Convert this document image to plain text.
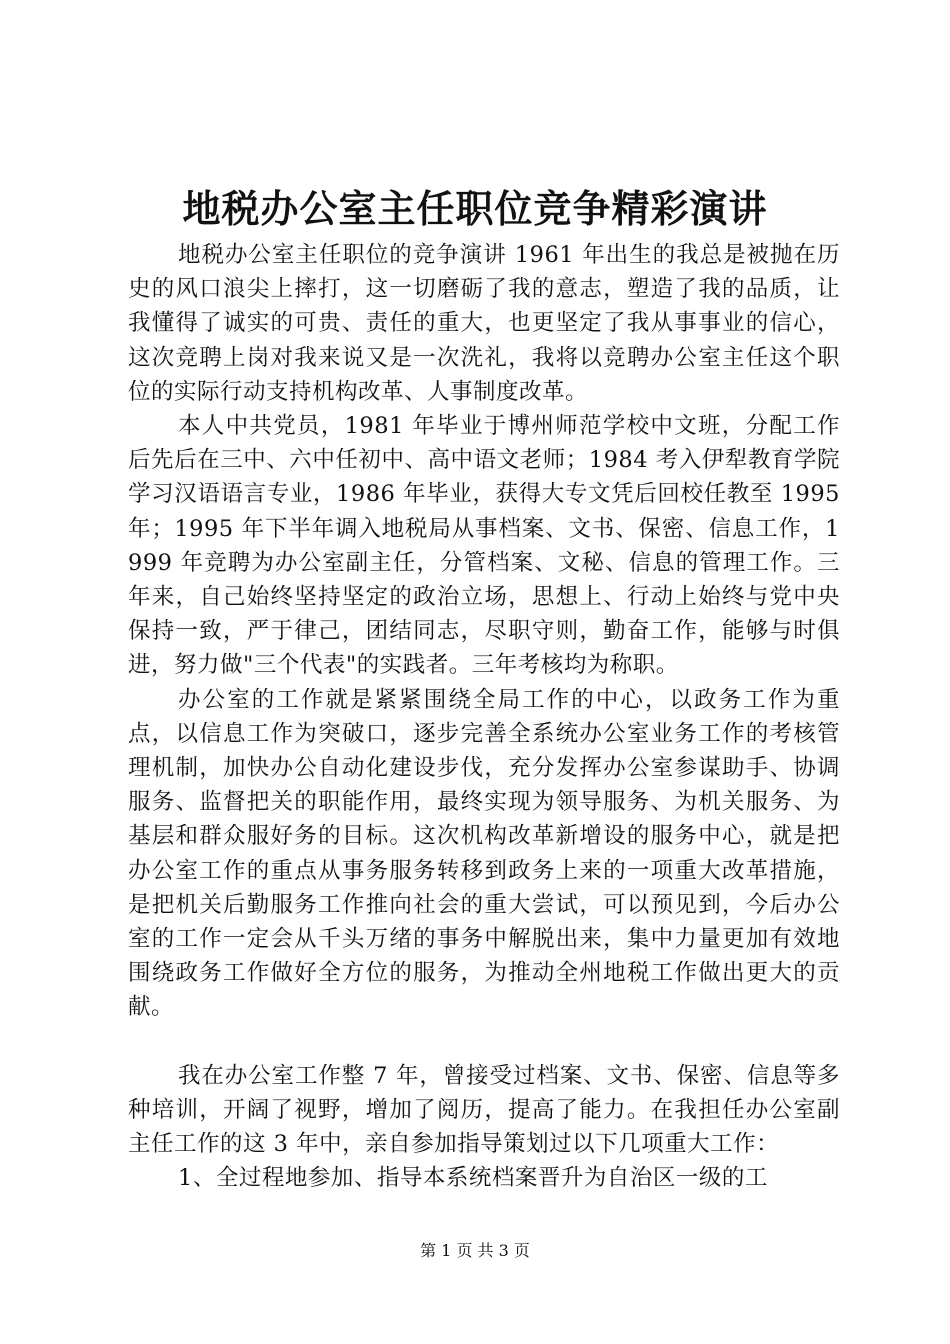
地税办公室主任职位竞争精彩演讲

地税办公室主任职位的竞争演讲 1961 年出生的我总是被抛在历史的风口浪尖上摔打，这一切磨砺了我的意志，塑造了我的品质，让我懂得了诚实的可贵、责任的重大，也更坚定了我从事事业的信心，这次竞聘上岗对我来说又是一次洗礼，我将以竞聘办公室主任这个职位的实际行动支持机构改革、人事制度改革。

本人中共党员，1981 年毕业于博州师范学校中文班，分配工作后先后在三中、六中任初中、高中语文老师；1984 考入伊犁教育学院学习汉语语言专业，1986 年毕业，获得大专文凭后回校任教至 1995 年；1995 年下半年调入地税局从事档案、文书、保密、信息工作，1999 年竞聘为办公室副主任，分管档案、文秘、信息的管理工作。三年来，自己始终坚持坚定的政治立场，思想上、行动上始终与党中央保持一致，严于律己，团结同志，尽职守则，勤奋工作，能够与时俱进，努力做"三个代表"的实践者。三年考核均为称职。

办公室的工作就是紧紧围绕全局工作的中心，以政务工作为重点，以信息工作为突破口，逐步完善全系统办公室业务工作的考核管理机制，加快办公自动化建设步伐，充分发挥办公室参谋助手、协调服务、监督把关的职能作用，最终实现为领导服务、为机关服务、为基层和群众服好务的目标。这次机构改革新增设的服务中心，就是把办公室工作的重点从事务服务转移到政务上来的一项重大改革措施，是把机关后勤服务工作推向社会的重大尝试，可以预见到，今后办公室的工作一定会从千头万绪的事务中解脱出来，集中力量更加有效地围绕政务工作做好全方位的服务，为推动全州地税工作做出更大的贡献。

我在办公室工作整 7 年，曾接受过档案、文书、保密、信息等多种培训，开阔了视野，增加了阅历，提高了能力。在我担任办公室副主任工作的这 3 年中，亲自参加指导策划过以下几项重大工作：

1、全过程地参加、指导本系统档案晋升为自治区一级的工

第 1 页 共 3 页
